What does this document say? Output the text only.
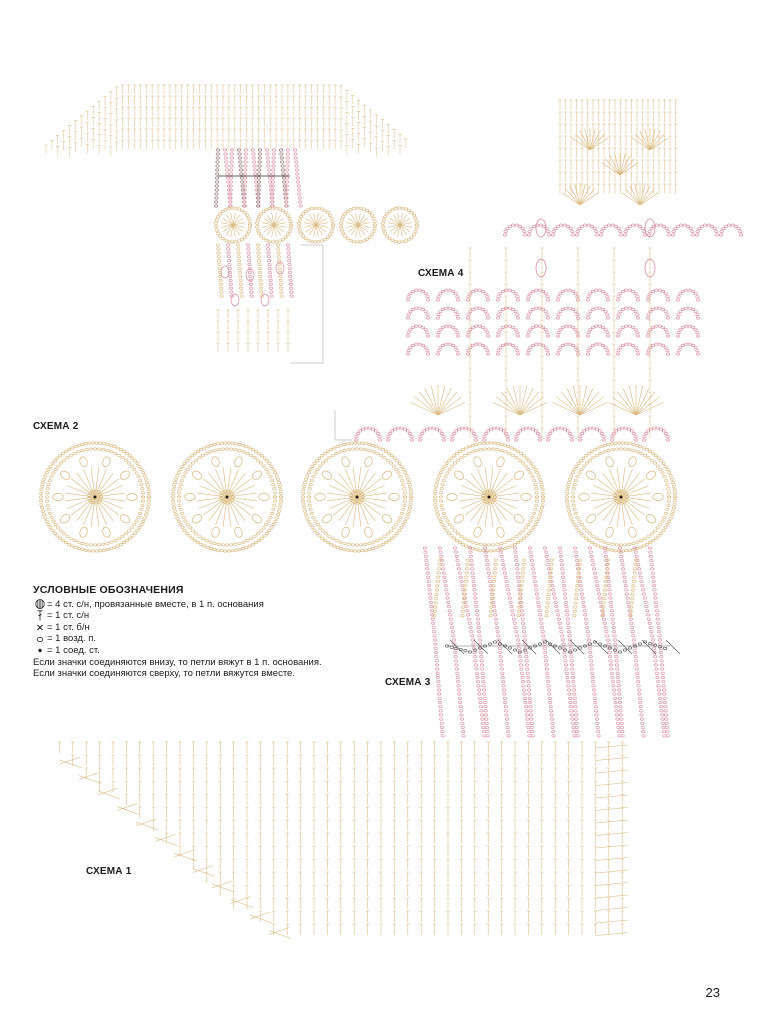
СХЕМА 1
СХЕМА 2
СХЕМА 3
СХЕМА 4
УСЛОВНЫЕ ОБОЗНАЧЕНИЯ
= 4 ст. с/н, провязанные вместе, в 1 п. основания
= 1 ст. с/н
= 1 ст. б/н
= 1 возд. п.
= 1 соед. ст.
Если значки соединяются внизу, то петли вяжут в 1 п. основания.
Если значки соединяются сверху, то петли вяжутся вместе.
23
